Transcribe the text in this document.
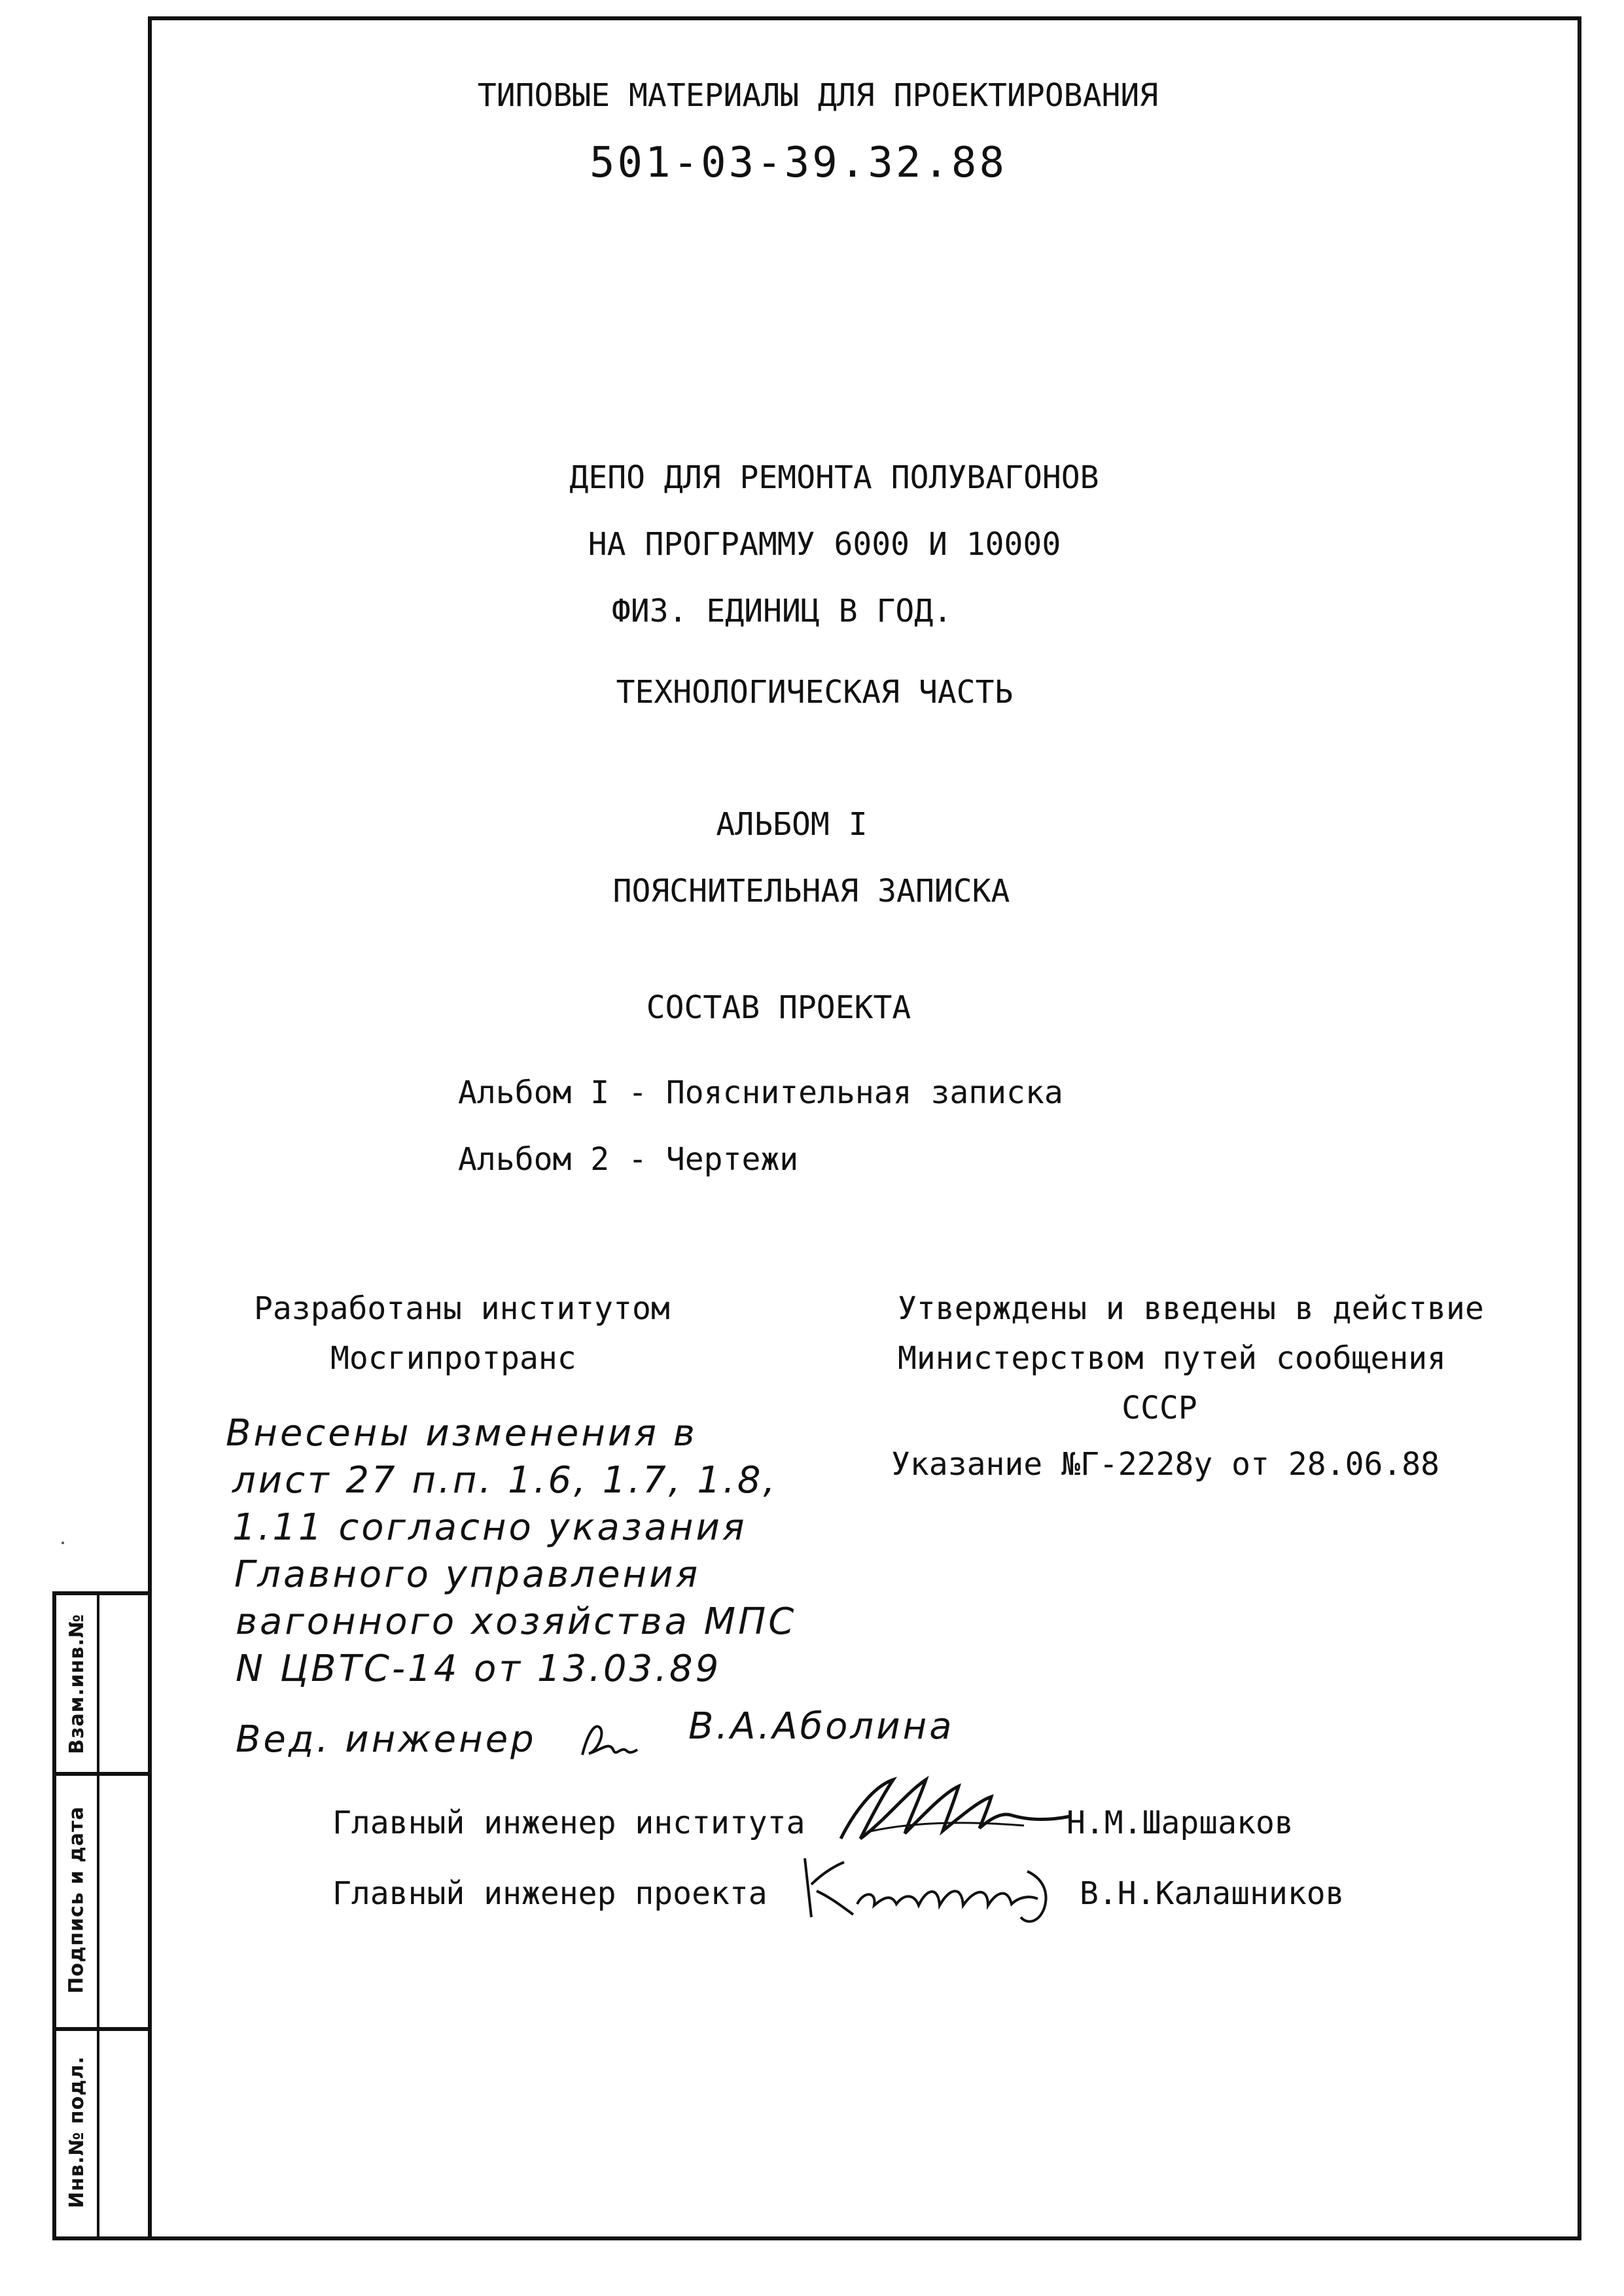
Взам.инв.№
Подпись и дата
Инв.№ подл.
ТИПОВЫЕ МАТЕРИАЛЫ ДЛЯ ПРОЕКТИРОВАНИЯ
501-03-39.32.88
ДЕПО ДЛЯ РЕМОНТА ПОЛУВАГОНОВ
НА ПРОГРАММУ 6000 И 10000
ФИЗ. ЕДИНИЦ В ГОД.
ТЕХНОЛОГИЧЕСКАЯ ЧАСТЬ
АЛЬБОМ I
ПОЯСНИТЕЛЬНАЯ ЗАПИСКА
СОСТАВ ПРОЕКТА
Альбом I - Пояснительная записка
Альбом 2 - Чертежи
Разработаны институтом
Мосгипротранс
Утверждены и введены в действие
Министерством путей сообщения
СССР
Указание №Г-2228у от 28.06.88
Внесены изменения в
лист 27 п.п. 1.6, 1.7, 1.8,
1.11 согласно указания
Главного управления
вагонного хозяйства МПС
N ЦВТС-14 от 13.03.89
Вед. инженер	В.А.Аболина
Главный инженер института	Н.М.Шаршаков
Главный инженер проекта	В.Н.Калашников
